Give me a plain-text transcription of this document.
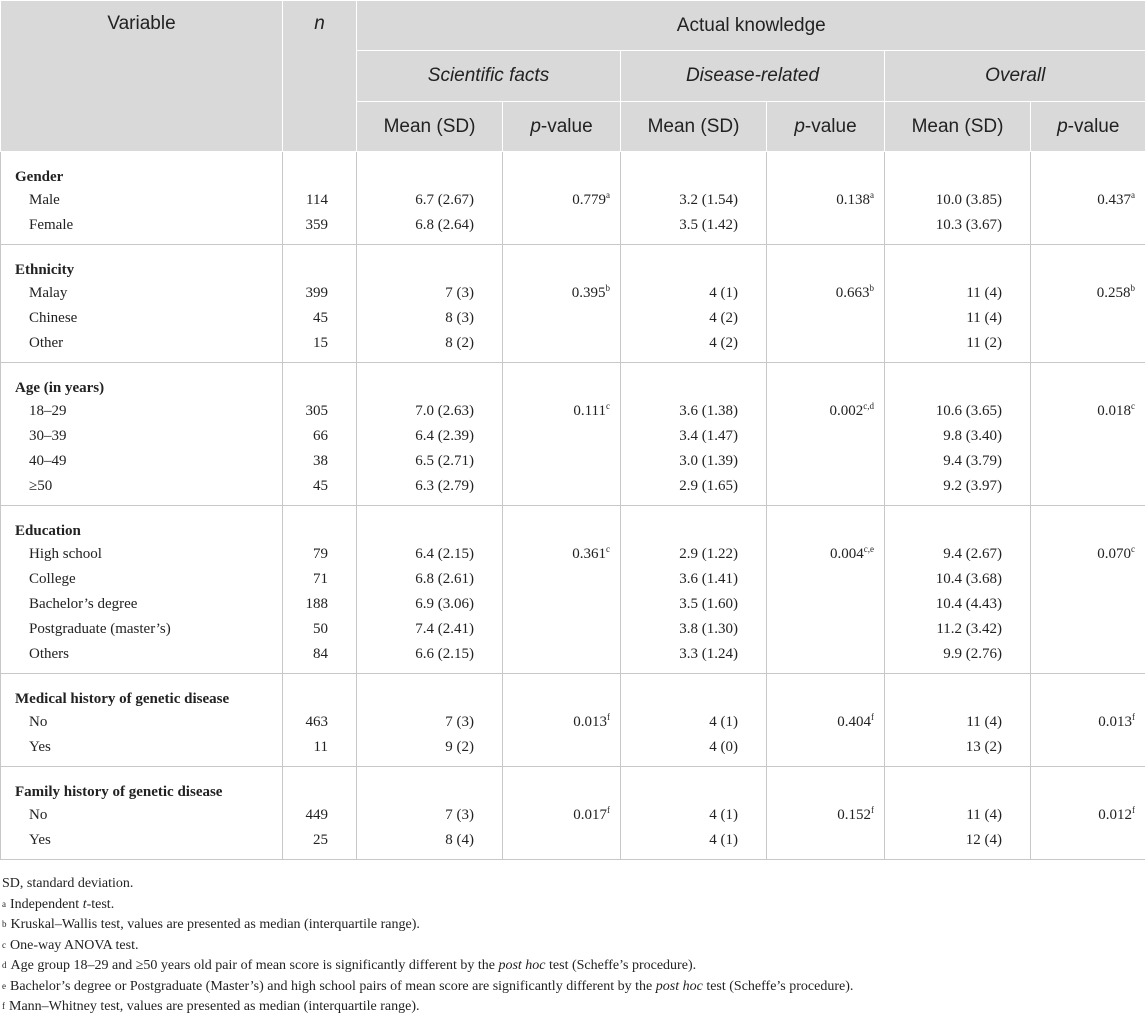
Variable	n	Actual knowledge					
		Scientific facts		Disease-related		Overall	
		Mean (SD)	p-value	Mean (SD)	p-value	Mean (SD)	p-value
Gender							
Male	114	6.7 (2.67)	0.779$^a$	3.2 (1.54)	0.138$^a$	10.0 (3.85)	0.437$^a$
Female	359	6.8 (2.64)		3.5 (1.42)		10.3 (3.67)	
Ethnicity							
Malay	399	7 (3)	0.395$^b$	4 (1)	0.663$^b$	11 (4)	0.258$^b$
Chinese	45	8 (3)		4 (2)		11 (4)	
Other	15	8 (2)		4 (2)		11 (2)	
Age (in years)							
18–29	305	7.0 (2.63)	0.111$^c$	3.6 (1.38)	0.002$^{c,d}$	10.6 (3.65)	0.018$^c$
30–39	66	6.4 (2.39)		3.4 (1.47)		9.8 (3.40)	
40–49	38	6.5 (2.71)		3.0 (1.39)		9.4 (3.79)	
≥50	45	6.3 (2.79)		2.9 (1.65)		9.2 (3.97)	
Education							
High school	79	6.4 (2.15)	0.361$^c$	2.9 (1.22)	0.004$^{c,e}$	9.4 (2.67)	0.070$^c$
College	71	6.8 (2.61)		3.6 (1.41)		10.4 (3.68)	
Bachelor’s degree	188	6.9 (3.06)		3.5 (1.60)		10.4 (4.43)	
Postgraduate (master’s)	50	7.4 (2.41)		3.8 (1.30)		11.2 (3.42)	
Others	84	6.6 (2.15)		3.3 (1.24)		9.9 (2.76)	
Medical history of genetic disease							
No	463	7 (3)	0.013$^f$	4 (1)	0.404$^f$	11 (4)	0.013$^f$
Yes	11	9 (2)		4 (0)		13 (2)	
Family history of genetic disease							
No	449	7 (3)	0.017$^f$	4 (1)	0.152$^f$	11 (4)	0.012$^f$
Yes	25	8 (4)		4 (1)		12 (4)	
SD, standard deviation.
$^a$ Independent t-test.
$^b$ Kruskal–Wallis test, values are presented as median (interquartile range).
$^c$ One-way ANOVA test.
$^d$ Age group 18–29 and ≥50 years old pair of mean score is significantly different by the post hoc test (Scheffe’s procedure).
$^e$ Bachelor’s degree or Postgraduate (Master’s) and high school pairs of mean score are significantly different by the post hoc test (Scheffe’s procedure).
$^f$ Mann–Whitney test, values are presented as median (interquartile range).
